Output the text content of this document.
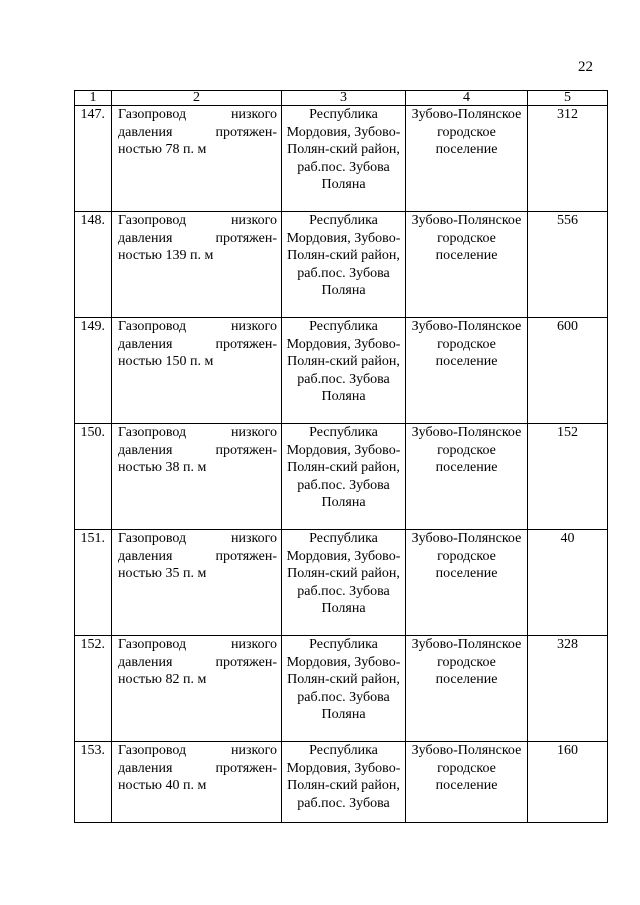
22
1	2	3	4	5
147.	Газопровод низкого давления протяжен-ностью 78 п. м	Республика Мордовия, Зубово-Полян-ский район, раб.пос. Зубова Поляна	Зубово-Полянское городское поселение	312
148.	Газопровод низкого давления протяжен-ностью 139 п. м	Республика Мордовия, Зубово-Полян-ский район, раб.пос. Зубова Поляна	Зубово-Полянское городское поселение	556
149.	Газопровод низкого давления протяжен-ностью 150 п. м	Республика Мордовия, Зубово-Полян-ский район, раб.пос. Зубова Поляна	Зубово-Полянское городское поселение	600
150.	Газопровод низкого давления протяжен-ностью 38 п. м	Республика Мордовия, Зубово-Полян-ский район, раб.пос. Зубова Поляна	Зубово-Полянское городское поселение	152
151.	Газопровод низкого давления протяжен-ностью 35 п. м	Республика Мордовия, Зубово-Полян-ский район, раб.пос. Зубова Поляна	Зубово-Полянское городское поселение	40
152.	Газопровод низкого давления протяжен-ностью 82 п. м	Республика Мордовия, Зубово-Полян-ский район, раб.пос. Зубова Поляна	Зубово-Полянское городское поселение	328
153.	Газопровод низкого давления протяжен-ностью 40 п. м	Республика Мордовия, Зубово-Полян-ский район, раб.пос. Зубова	Зубово-Полянское городское поселение	160
